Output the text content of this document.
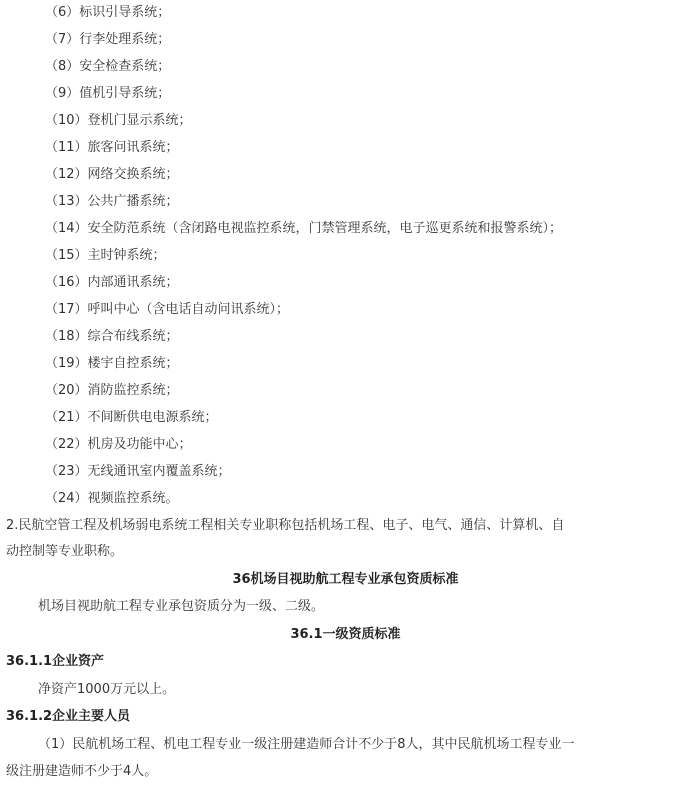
（6）标识引导系统；
（7）行李处理系统；
（8）安全检查系统；
（9）值机引导系统；
（10）登机门显示系统；
（11）旅客问讯系统；
（12）网络交换系统；
（13）公共广播系统；
（14）安全防范系统（含闭路电视监控系统，门禁管理系统，电子巡更系统和报警系统）；
（15）主时钟系统；
（16）内部通讯系统；
（17）呼叫中心（含电话自动问讯系统）；
（18）综合布线系统；
（19）楼宇自控系统；
（20）消防监控系统；
（21）不间断供电电源系统；
（22）机房及功能中心；
（23）无线通讯室内覆盖系统；
（24）视频监控系统。
2.民航空管工程及机场弱电系统工程相关专业职称包括机场工程、电子、电气、通信、计算机、自
动控制等专业职称。
36机场目视助航工程专业承包资质标准
机场目视助航工程专业承包资质分为一级、二级。
36.1一级资质标准
36.1.1企业资产
净资产1000万元以上。
36.1.2企业主要人员
（1）民航机场工程、机电工程专业一级注册建造师合计不少于8人，其中民航机场工程专业一
级注册建造师不少于4人。
